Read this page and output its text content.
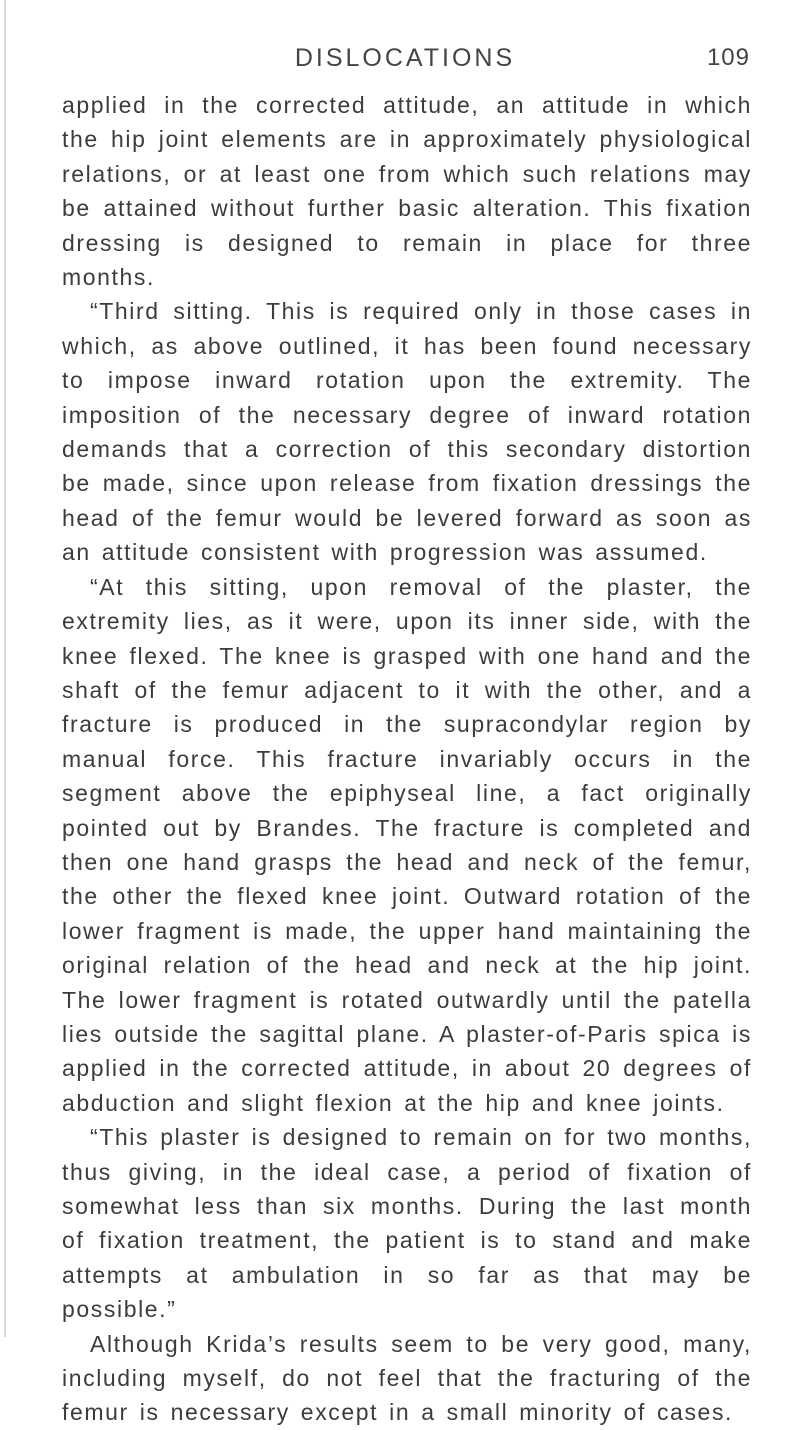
DISLOCATIONS	109

applied in the corrected attitude, an attitude in which the hip joint elements are in approximately physiological relations, or at least one from which such relations may be attained without further basic alteration. This fixation dressing is designed to remain in place for three months.

“Third sitting. This is required only in those cases in which, as above outlined, it has been found necessary to impose inward rotation upon the extremity. The imposition of the necessary degree of inward rotation demands that a correction of this secondary distortion be made, since upon release from fixation dressings the head of the femur would be levered forward as soon as an attitude consistent with progression was assumed.

“At this sitting, upon removal of the plaster, the extremity lies, as it were, upon its inner side, with the knee flexed. The knee is grasped with one hand and the shaft of the femur adjacent to it with the other, and a fracture is produced in the supracondylar region by manual force. This fracture invariably occurs in the segment above the epiphyseal line, a fact originally pointed out by Brandes. The fracture is completed and then one hand grasps the head and neck of the femur, the other the flexed knee joint. Outward rotation of the lower fragment is made, the upper hand maintaining the original relation of the head and neck at the hip joint. The lower fragment is rotated outwardly until the patella lies outside the sagittal plane. A plaster-of-Paris spica is applied in the corrected attitude, in about 20 degrees of abduction and slight flexion at the hip and knee joints.

“This plaster is designed to remain on for two months, thus giving, in the ideal case, a period of fixation of somewhat less than six months. During the last month of fixation treatment, the patient is to stand and make attempts at ambulation in so far as that may be possible.”

Although Krida’s results seem to be very good, many, including myself, do not feel that the fracturing of the femur is necessary except in a small minority of cases.
